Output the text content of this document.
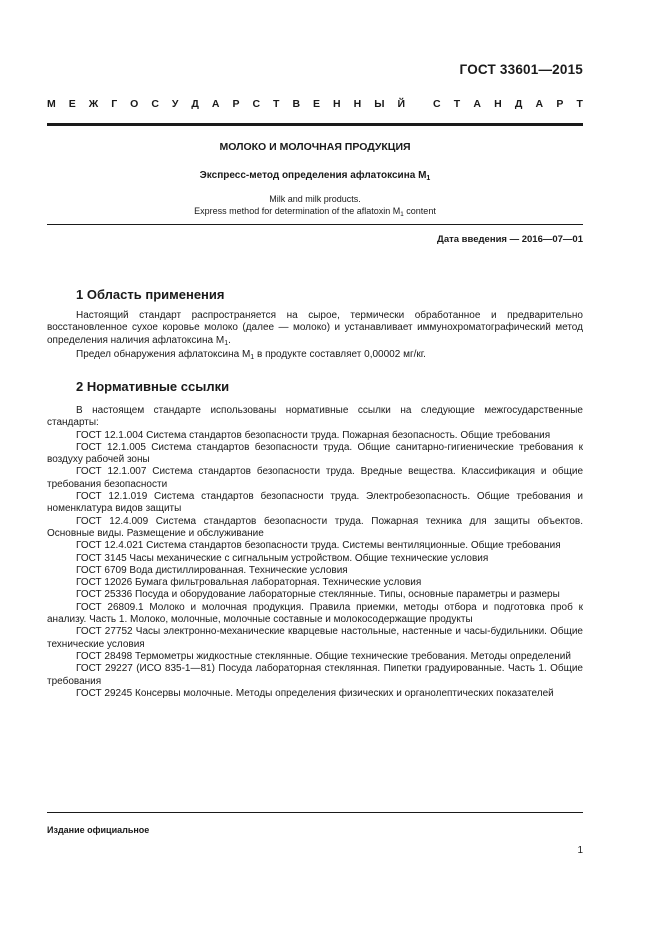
ГОСТ 33601—2015
М Е Ж Г О С У Д А Р С Т В Е Н Н Ы Й	С Т А Н Д А Р Т
МОЛОКО И МОЛОЧНАЯ ПРОДУКЦИЯ
Экспресс-метод определения афлатоксина $M_1$
Milk and milk products.
Express method for determination of the aflatoxin $M_1$ content
Дата введения — 2016—07—01
1 Область применения

Настоящий стандарт распространяется на сырое, термически обработанное и предварительно восстановленное сухое коровье молоко (далее — молоко) и устанавливает иммунохроматографический метод определения наличия афлатоксина $M_1$.

Предел обнаружения афлатоксина $M_1$ в продукте составляет 0,00002 мг/кг.

2 Нормативные ссылки

В настоящем стандарте использованы нормативные ссылки на следующие межгосударственные стандарты:

ГОСТ 12.1.004 Система стандартов безопасности труда. Пожарная безопасность. Общие требования

ГОСТ 12.1.005 Система стандартов безопасности труда. Общие санитарно-гигиенические требования к воздуху рабочей зоны

ГОСТ 12.1.007 Система стандартов безопасности труда. Вредные вещества. Классификация и общие требования безопасности

ГОСТ 12.1.019 Система стандартов безопасности труда. Электробезопасность. Общие требования и номенклатура видов защиты

ГОСТ 12.4.009 Система стандартов безопасности труда. Пожарная техника для защиты объектов. Основные виды. Размещение и обслуживание

ГОСТ 12.4.021 Система стандартов безопасности труда. Системы вентиляционные. Общие требования

ГОСТ 3145 Часы механические с сигнальным устройством. Общие технические условия

ГОСТ 6709 Вода дистиллированная. Технические условия

ГОСТ 12026 Бумага фильтровальная лабораторная. Технические условия

ГОСТ 25336 Посуда и оборудование лабораторные стеклянные. Типы, основные параметры и размеры

ГОСТ 26809.1 Молоко и молочная продукция. Правила приемки, методы отбора и подготовка проб к анализу. Часть 1. Молоко, молочные, молочные составные и молокосодержащие продукты

ГОСТ 27752 Часы электронно-механические кварцевые настольные, настенные и часы-будильники. Общие технические условия

ГОСТ 28498 Термометры жидкостные стеклянные. Общие технические требования. Методы определений

ГОСТ 29227 (ИСО 835-1—81) Посуда лабораторная стеклянная. Пипетки градуированные. Часть 1. Общие требования

ГОСТ 29245 Консервы молочные. Методы определения физических и органолептических показателей

Издание официальное
1
